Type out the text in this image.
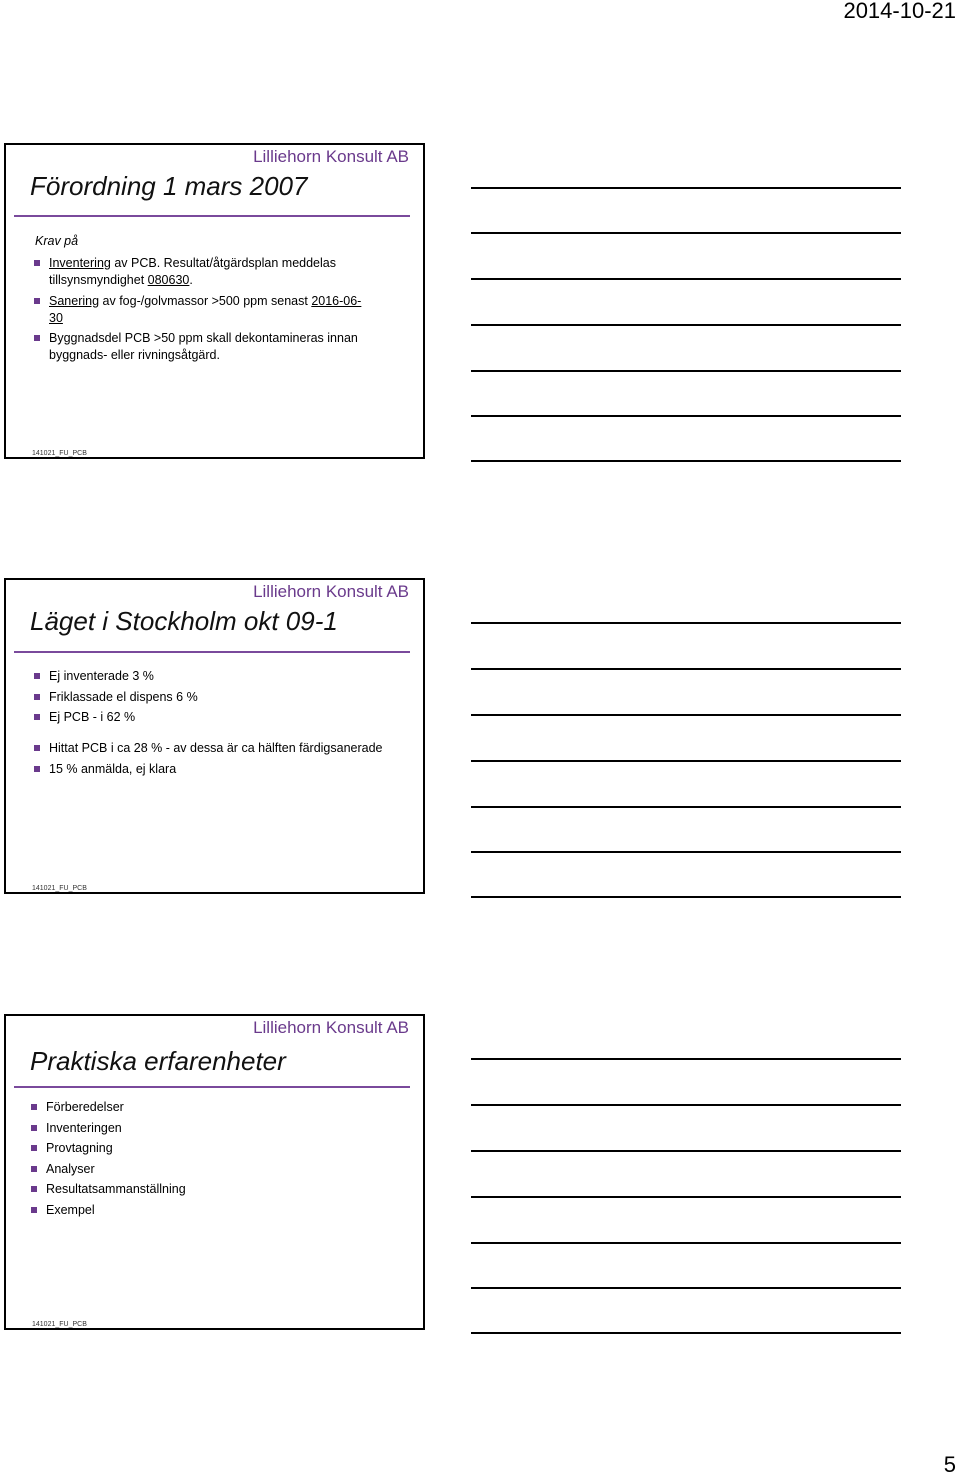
2014-10-21
Lilliehorn Konsult AB
Förordning 1 mars 2007
Krav på
Inventering av PCB. Resultat/åtgärdsplan meddelas tillsynsmyndighet 080630.
Sanering av fog-/golvmassor >500 ppm senast 2016-06-30
Byggnadsdel PCB >50 ppm skall dekontamineras innan byggnads- eller rivningsåtgärd.
141021_FU_PCB
Lilliehorn Konsult AB
Läget i Stockholm okt 09-1
Ej inventerade 3 %
Friklassade el dispens 6 %
Ej PCB - i 62 %
Hittat PCB i ca 28 % - av dessa är ca hälften färdigsanerade
15 % anmälda, ej klara
141021_FU_PCB
Lilliehorn Konsult AB
Praktiska erfarenheter
Förberedelser
Inventeringen
Provtagning
Analyser
Resultatsammanställning
Exempel
141021_FU_PCB
5
